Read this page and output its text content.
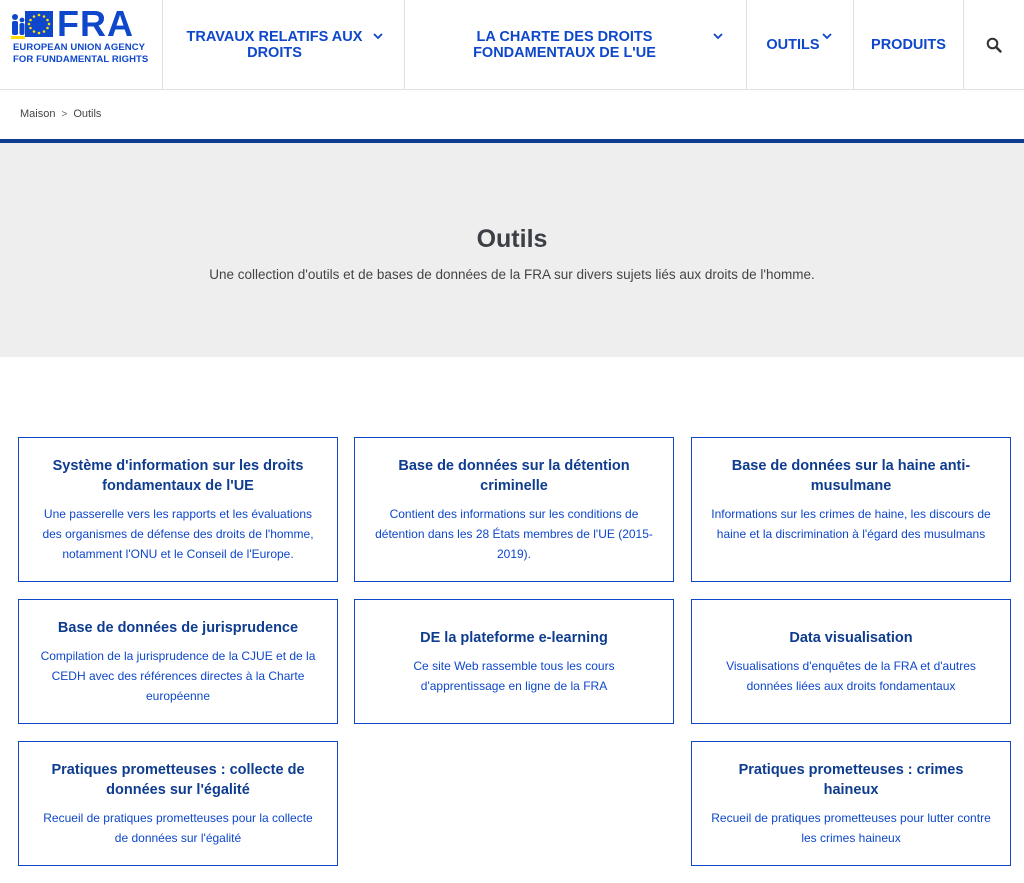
FRA
EUROPEAN UNION AGENCY
FOR FUNDAMENTAL RIGHTS
TRAVAUX RELATIFS AUX DROITS
LA CHARTE DES DROITS FONDAMENTAUX DE L'UE	OUTILS	PRODUITS
Maison > Outils
Outils

Une collection d'outils et de bases de données de la FRA sur divers sujets liés aux droits de l'homme.

Système d'information sur les droits fondamentaux de l'UE

Une passerelle vers les rapports et les évaluations des organismes de défense des droits de l'homme, notamment l'ONU et le Conseil de l'Europe.

Base de données sur la détention criminelle

Contient des informations sur les conditions de détention dans les 28 États membres de l'UE (2015-2019).

Base de données sur la haine anti-musulmane

Informations sur les crimes de haine, les discours de haine et la discrimination à l'égard des musulmans

Base de données de jurisprudence

Compilation de la jurisprudence de la CJUE et de la CEDH avec des références directes à la Charte européenne

DE la plateforme e-learning

Ce site Web rassemble tous les cours d'apprentissage en ligne de la FRA

Data visualisation

Visualisations d'enquêtes de la FRA et d'autres données liées aux droits fondamentaux

Pratiques prometteuses : collecte de données sur l'égalité

Recueil de pratiques prometteuses pour la collecte de données sur l'égalité

Pratiques prometteuses : crimes haineux

Recueil de pratiques prometteuses pour lutter contre les crimes haineux
